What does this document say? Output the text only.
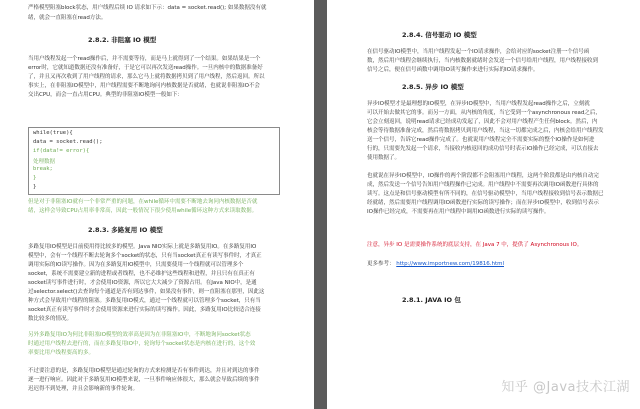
严格模型阻塞block状态，用户线程后续 IO 请求如下示：data = socket.read(); 如果数据没有就
绪，就会一直阻塞在read方法。
2.8.2. 非阻塞 IO 模型
当用户线程发起一个read操作后，并不需要等待，而是马上就得到了一个结果。如果结果是一个
error时，它就知道数据还没有准备好，于是它可以再次发送read操作。一旦内核中的数据准备好
了，并且又再次收到了用户线程的请求，那么它马上就将数据拷贝到了用户线程，然后返回。所以
事实上，在非阻塞IO模型中，用户线程需要不断地询问内核数据是否就绪，也就说非阻塞IO不会
交出CPU，而会一直占用CPU。典型的非阻塞IO模型一般如下：
while(true){
data = socket.read();
if(data!= error){
处理数据
break;
}
}
但是对于非阻塞IO就有一个非常严重的问题，在while循环中需要不断地去询问内核数据是否就
绪，这样会导致CPU占用率非常高，因此一般情况下很少使用while循环这种方式来读取数据。
2.8.3. 多路复用 IO 模型
多路复用IO模型是目前使用得比较多的模型。Java NIO实际上就是多路复用IO。在多路复用IO
模型中，会有一个线程不断去轮询多个socket的状态，只有当socket真正有读写事件时，才真正
调用实际的IO读写操作。因为在多路复用IO模型中，只需要使用一个线程就可以管理多个
socket，系统不需要建立新的进程或者线程，也不必维护这些线程和进程，并且只有在真正有
socket读写事件进行时，才会使用IO资源，所以它大大减少了资源占用。在Java NIO中，是通
过selector.select()去查询每个通道是否有到达事件，如果没有事件，则一直阻塞在那里，因此这
种方式会导致用户线程的阻塞。多路复用IO模式，通过一个线程就可以管理多个socket，只有当
socket真正有读写事件时才会使用资源来进行实际的读写操作。因此，多路复用IO比较适合连接
数比较多的情况。
另外多路复用IO为何比非阻塞IO模型的效率高是因为在非阻塞IO中，不断地询问socket状态
时通过用户线程去进行的，而在多路复用IO中，轮询每个socket状态是内核在进行的，这个效
率要比用户线程要高的多。
不过要注意的是，多路复用IO模型是通过轮询的方式来检测是否有事件到达，并且对到达的事件
逐一进行响应。因此对于多路复用IO模型来说，一旦事件响应体很大，那么就会导致后续的事件
迟迟得不到处理，并且会影响新的事件轮询。
2.8.4. 信号驱动 IO 模型
在信号驱动IO模型中，当用户线程发起一个IO请求操作，会给对应的socket注册一个信号函
数，然后用户线程会继续执行，当内核数据就绪时会发送一个信号给用户线程，用户线程接收到
信号之后，便在信号函数中调用IO读写操作来进行实际的IO请求操作。
2.8.5. 异步 IO 模型
异步IO模型才是最理想的IO模型，在异步IO模型中，当用户线程发起read操作之后，立刻就
可以开始去做其它的事。而另一方面，从内核的角度，当它受到一个asynchronous read之后，
它会立刻返回，说明read请求已经成功发起了，因此不会对用户线程产生任何block。然后，内
核会等待数据准备完成，然后将数据拷贝到用户线程，当这一切都完成之后，内核会给用户线程发
送一个信号，告诉它read操作完成了。也就说用户线程完全不需要实际的整个IO操作是如何进
行的，只需要先发起一个请求，当接收内核返回的成功信号时表示IO操作已经完成，可以直接去
使用数据了。
也就说在异步IO模型中，IO操作的两个阶段都不会阻塞用户线程，这两个阶段都是由内核自动完
成，然后发送一个信号告知用户线程操作已完成。用户线程中不需要再次调用IO函数进行具体的
读写。这点是和信号驱动模型有所不同的，在信号驱动模型中，当用户线程接收到信号表示数据已
经就绪，然后需要用户线程调用IO函数进行实际的读写操作；而在异步IO模型中，收到信号表示
IO操作已经完成，不需要再在用户线程中调用IO函数进行实际的读写操作。
注意，异步 IO 是需要操作系统的底层支持，在 Java 7 中，提供了 Asynchronous IO。
更多参考： http://www.importnew.com/19816.html
2.8.1. JAVA IO 包
知乎 @Java技术江湖
